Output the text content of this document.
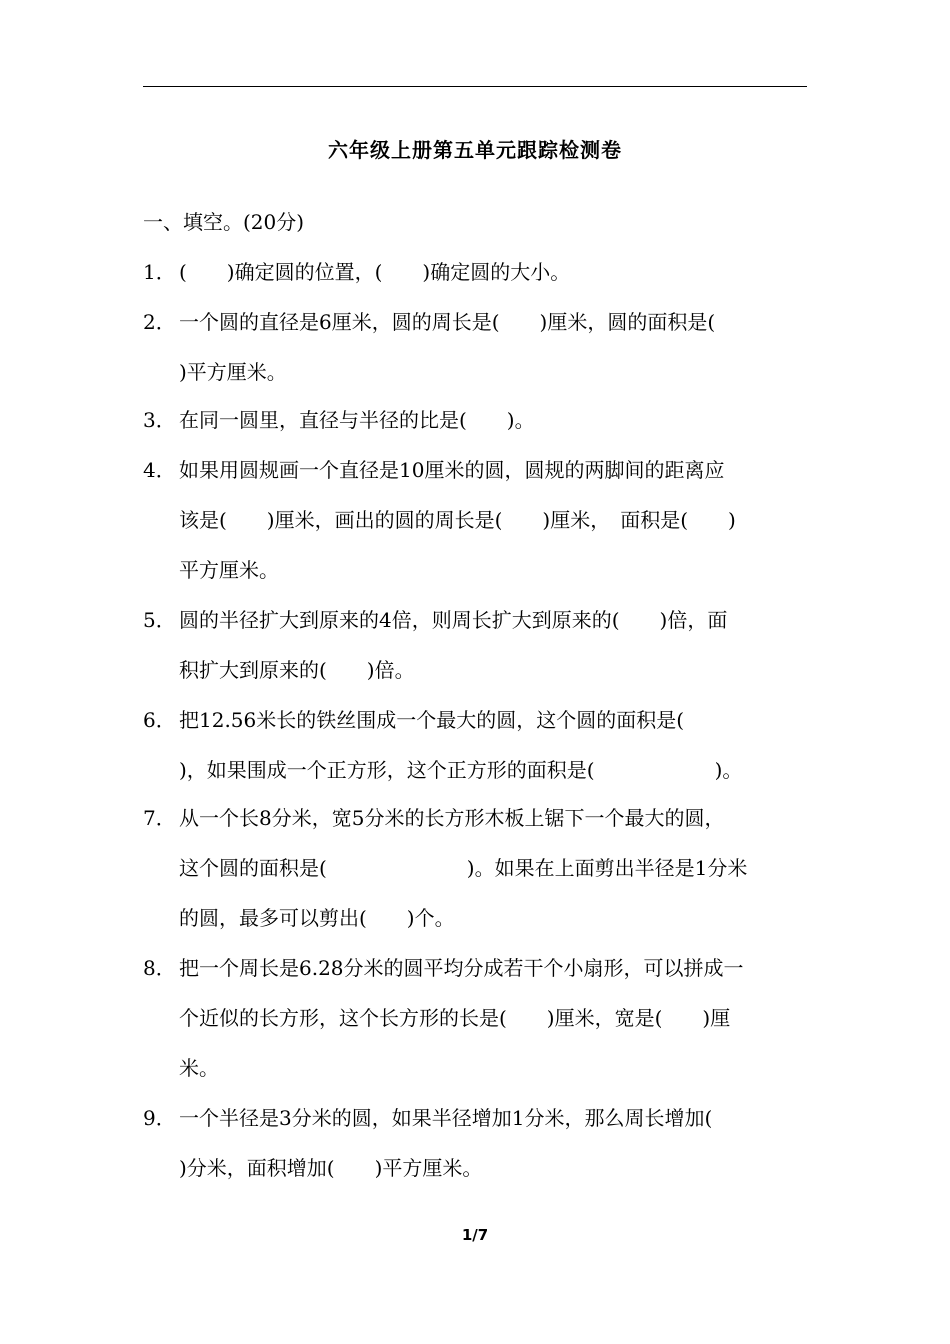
六年级上册第五单元跟踪检测卷
一、填空。(20分)

1．

(　　)确定圆的位置，(　　)确定圆的大小。

2．

一个圆的直径是6厘米，圆的周长是(　　)厘米，圆的面积是(

)平方厘米。

3．

在同一圆里，直径与半径的比是(　　)。

4．

如果用圆规画一个直径是10厘米的圆，圆规的两脚间的距离应

该是(　　)厘米，画出的圆的周长是(　　)厘米，　面积是(　　)

平方厘米。

5．

圆的半径扩大到原来的4倍，则周长扩大到原来的(　　)倍，面

积扩大到原来的(　　)倍。

6．

把12.56米长的铁丝围成一个最大的圆，这个圆的面积是(

)，如果围成一个正方形，这个正方形的面积是(　　　　　　)。

7．

从一个长8分米，宽5分米的长方形木板上锯下一个最大的圆，

这个圆的面积是(　　　　　　　)。如果在上面剪出半径是1分米

的圆，最多可以剪出(　　)个。

8．

把一个周长是6.28分米的圆平均分成若干个小扇形，可以拼成一

个近似的长方形，这个长方形的长是(　　)厘米，宽是(　　)厘

米。

9．

一个半径是3分米的圆，如果半径增加1分米，那么周长增加(

)分米，面积增加(　　)平方厘米。

1/7
